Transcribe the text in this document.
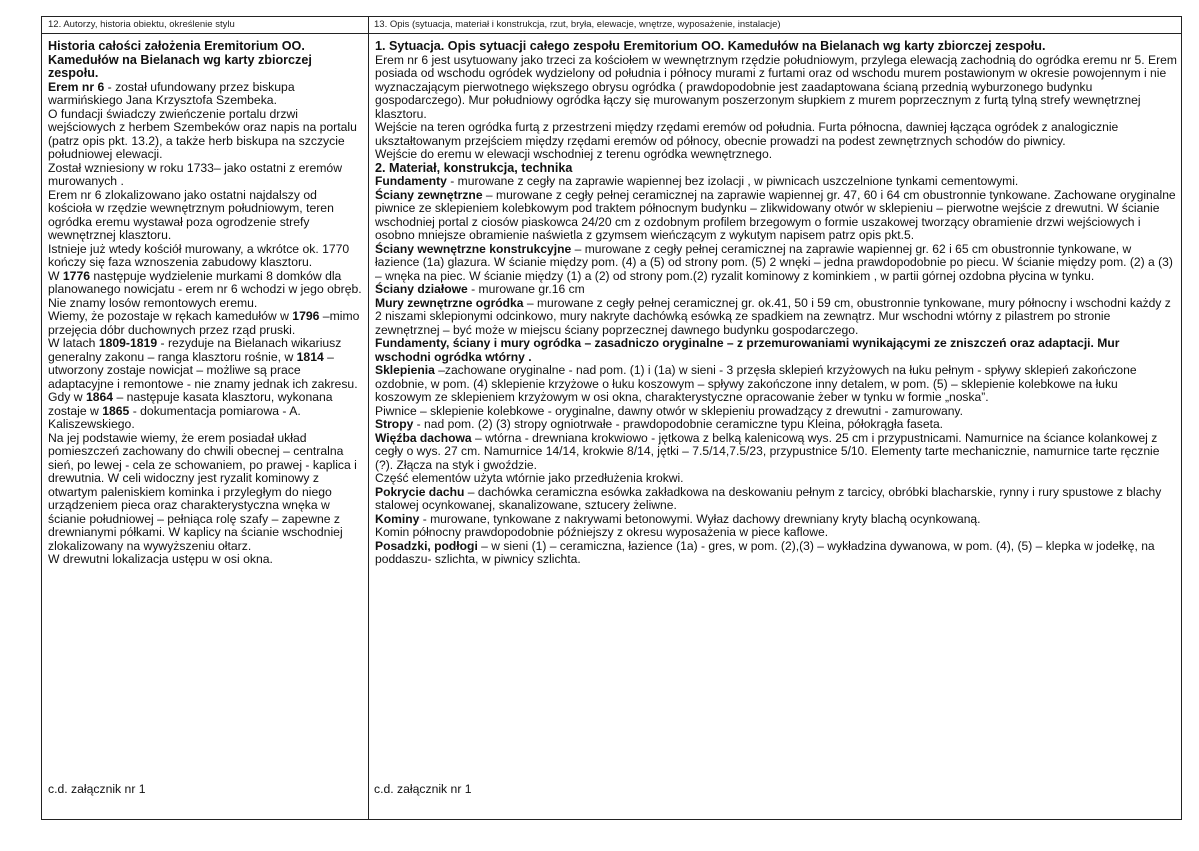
12. Autorzy, historia obiektu, określenie stylu

Historia całości założenia Eremitorium OO. Kamedułów na Bielanach wg karty zbiorczej zespołu.

Erem nr 6 - został ufundowany przez biskupa warmińskiego Jana Krzysztofa Szembeka.

O fundacji świadczy zwieńczenie portalu drzwi wejściowych z herbem Szembeków oraz napis na portalu (patrz opis pkt. 13.2), a także herb biskupa na szczycie południowej elewacji.

Został wzniesiony w roku 1733– jako ostatni z eremów murowanych .

Erem nr 6 zlokalizowano jako ostatni najdalszy od kościoła w rzędzie wewnętrznym południowym, teren ogródka eremu wystawał poza ogrodzenie strefy wewnętrznej klasztoru.

Istnieje już wtedy kościół murowany, a wkrótce ok. 1770 kończy się faza wznoszenia zabudowy klasztoru.

W 1776 następuje wydzielenie murkami 8 domków dla planowanego nowicjatu - erem nr 6 wchodzi w jego obręb.

Nie znamy losów remontowych eremu.

Wiemy, że pozostaje w rękach kamedułów w 1796 –mimo przejęcia dóbr duchownych przez rząd pruski.

W latach 1809-1819 - rezyduje na Bielanach wikariusz generalny zakonu – ranga klasztoru rośnie, w 1814 – utworzony zostaje nowicjat – możliwe są prace adaptacyjne i remontowe - nie znamy jednak ich zakresu.

Gdy w 1864 – następuje kasata klasztoru, wykonana zostaje w 1865 - dokumentacja pomiarowa - A. Kaliszewskiego.

Na jej podstawie wiemy, że erem posiadał układ pomieszczeń zachowany do chwili obecnej – centralna sień, po lewej - cela ze schowaniem, po prawej - kaplica i drewutnia. W celi widoczny jest ryzalit kominowy z otwartym paleniskiem kominka i przyległym do niego urządzeniem pieca oraz charakterystyczna wnęka w ścianie południowej – pełniąca rolę szafy – zapewne z drewnianymi półkami. W kaplicy na ścianie wschodniej zlokalizowany na wywyższeniu ołtarz.

W drewutni lokalizacja ustępu w osi okna.

c.d. załącznik nr 1
13. Opis (sytuacja, materiał i konstrukcja, rzut, bryła, elewacje, wnętrze, wyposażenie, instalacje)

1. Sytuacja. Opis sytuacji całego zespołu Eremitorium OO. Kamedułów na Bielanach wg karty zbiorczej zespołu.

Erem nr 6 jest usytuowany jako trzeci za kościołem w wewnętrznym rzędzie południowym, przylega elewacją zachodnią do ogródka eremu nr 5. Erem posiada od wschodu ogródek wydzielony od południa i północy murami z furtami oraz od wschodu murem postawionym w okresie powojennym i nie wyznaczającym pierwotnego większego obrysu ogródka ( prawdopodobnie jest zaadaptowana ścianą przednią wyburzonego budynku gospodarczego). Mur południowy ogródka łączy się murowanym poszerzonym słupkiem z murem poprzecznym z furtą tylną strefy wewnętrznej klasztoru.

Wejście na teren ogródka furtą z przestrzeni między rzędami eremów od południa. Furta północna, dawniej łącząca ogródek z analogicznie ukształtowanym przejściem między rzędami eremów od północy, obecnie prowadzi na podest zewnętrznych schodów do piwnicy.

Wejście do eremu w elewacji wschodniej z terenu ogródka wewnętrznego.

2. Materiał, konstrukcja, technika

Fundamenty - murowane z cegły na zaprawie wapiennej bez izolacji , w piwnicach uszczelnione tynkami cementowymi.

Ściany zewnętrzne – murowane z cegły pełnej ceramicznej na zaprawie wapiennej gr. 47, 60 i 64 cm obustronnie tynkowane. Zachowane oryginalne piwnice ze sklepieniem kolebkowym pod traktem północnym budynku – zlikwidowany otwór w sklepieniu – pierwotne wejście z drewutni. W ścianie wschodniej portal z ciosów piaskowca 24/20 cm z ozdobnym profilem brzegowym o formie uszakowej tworzący obramienie drzwi wejściowych i osobno mniejsze obramienie naświetla z gzymsem wieńczącym z wykutym napisem patrz opis pkt.5.

Ściany wewnętrzne konstrukcyjne – murowane z cegły pełnej ceramicznej na zaprawie wapiennej gr. 62 i 65 cm obustronnie tynkowane, w łazience (1a) glazura. W ścianie między pom. (4) a (5) od strony pom. (5) 2 wnęki – jedna prawdopodobnie po piecu. W ścianie między pom. (2) a (3) – wnęka na piec. W ścianie między (1) a (2) od strony pom.(2) ryzalit kominowy z kominkiem , w partii górnej ozdobna płycina w tynku.

Ściany działowe - murowane gr.16 cm

Mury zewnętrzne ogródka – murowane z cegły pełnej ceramicznej gr. ok.41, 50 i 59 cm, obustronnie tynkowane, mury północny i wschodni każdy z 2 niszami sklepionymi odcinkowo, mury nakryte dachówką esówką ze spadkiem na zewnątrz. Mur wschodni wtórny z pilastrem po stronie zewnętrznej – być może w miejscu ściany poprzecznej dawnego budynku gospodarczego.

Fundamenty, ściany i mury ogródka – zasadniczo oryginalne – z przemurowaniami wynikającymi ze zniszczeń oraz adaptacji. Mur wschodni ogródka wtórny .

Sklepienia –zachowane oryginalne - nad pom. (1) i (1a) w sieni - 3 przęsła sklepień krzyżowych na łuku pełnym - spływy sklepień zakończone ozdobnie, w pom. (4) sklepienie krzyżowe o łuku koszowym – spływy zakończone inny detalem, w pom. (5) – sklepienie kolebkowe na łuku koszowym ze sklepieniem krzyżowym w osi okna, charakterystyczne opracowanie żeber w tynku w formie „noska”.

Piwnice – sklepienie kolebkowe - oryginalne, dawny otwór w sklepieniu prowadzący z drewutni - zamurowany.

Stropy - nad pom. (2) (3) stropy ogniotrwałe - prawdopodobnie ceramiczne typu Kleina, półokrągła faseta.

Więźba dachowa – wtórna - drewniana krokwiowo - jętkowa z belką kalenicową wys. 25 cm i przypustnicami. Namurnice na ściance kolankowej z cegły o wys. 27 cm. Namurnice 14/14, krokwie 8/14, jętki – 7.5/14,7.5/23, przypustnice 5/10. Elementy tarte mechanicznie, namurnice tarte ręcznie (?). Złącza na styk i gwoździe.

Część elementów użyta wtórnie jako przedłużenia krokwi.

Pokrycie dachu – dachówka ceramiczna esówka zakładkowa na deskowaniu pełnym z tarcicy, obróbki blacharskie, rynny i rury spustowe z blachy stalowej ocynkowanej, skanalizowane, sztucery żeliwne.

Kominy - murowane, tynkowane z nakrywami betonowymi. Wyłaz dachowy drewniany kryty blachą ocynkowaną.

Komin północny prawdopodobnie późniejszy z okresu wyposażenia w piece kaflowe.

Posadzki, podłogi – w sieni (1) – ceramiczna, łazience (1a) - gres, w pom. (2),(3) – wykładzina dywanowa, w pom. (4), (5) – klepka w jodełkę, na poddaszu- szlichta, w piwnicy szlichta.

c.d. załącznik nr 1
